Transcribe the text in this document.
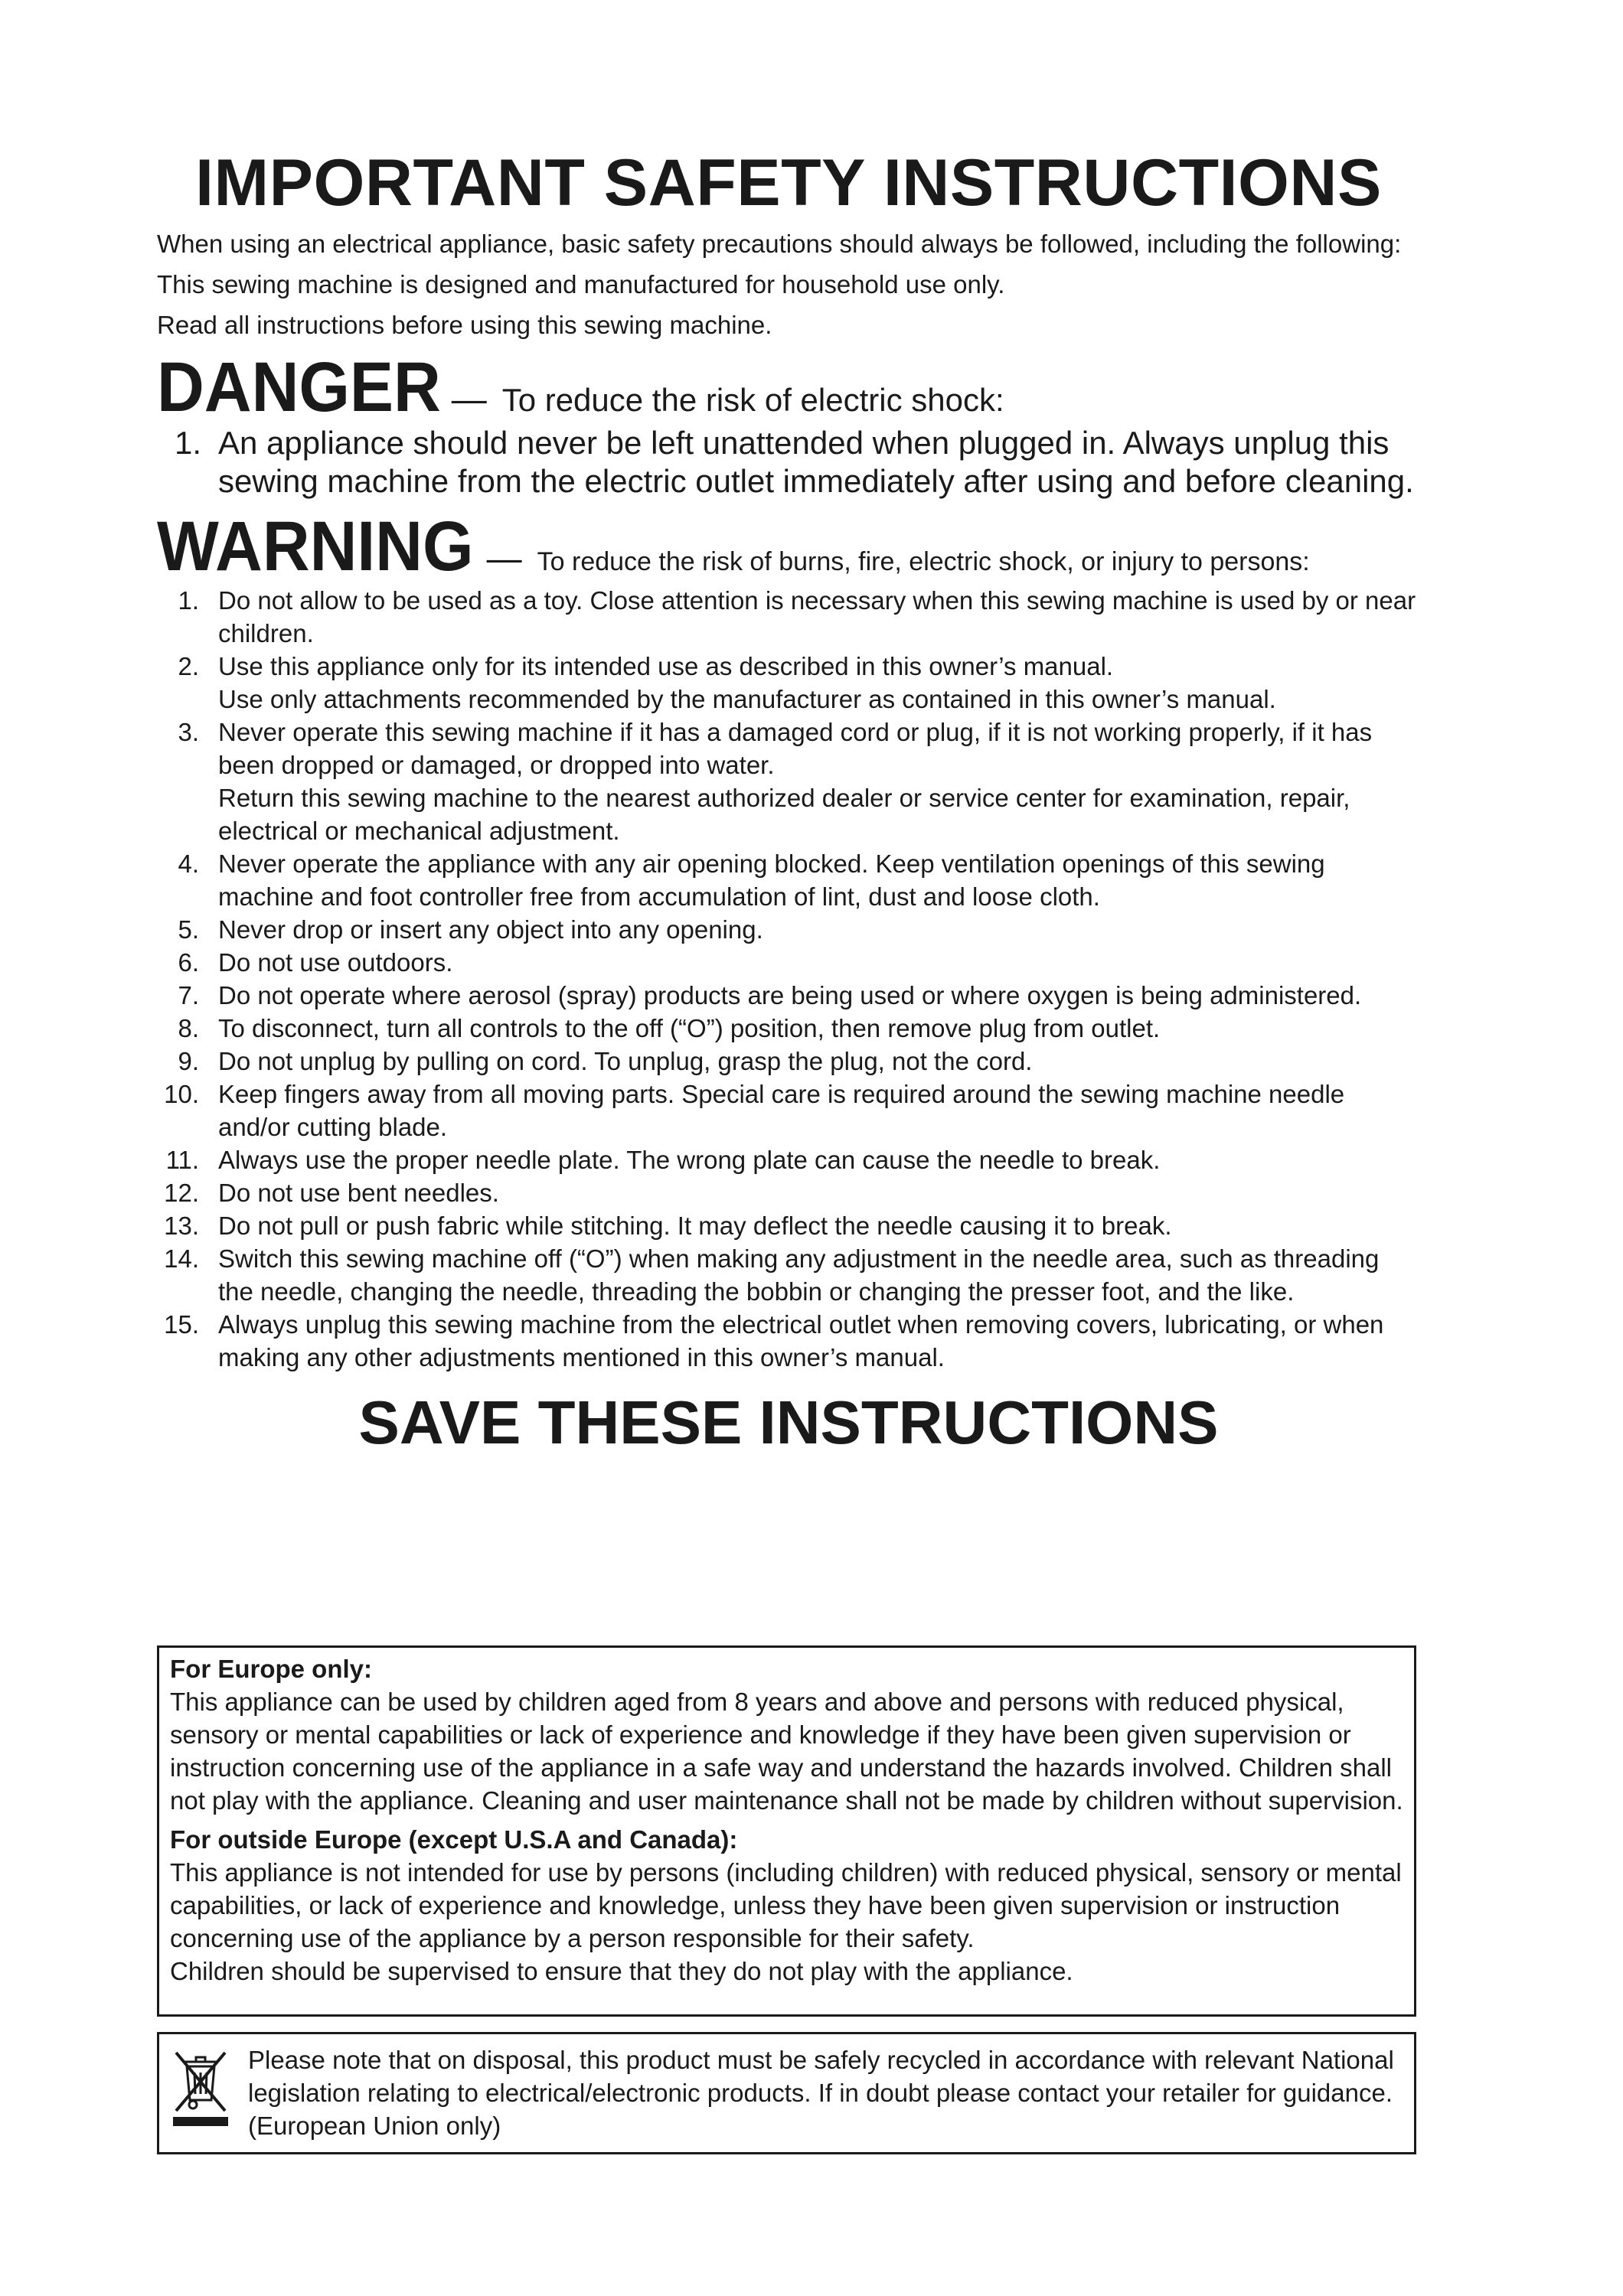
IMPORTANT SAFETY INSTRUCTIONS

When using an electrical appliance, basic safety precautions should always be followed, including the following:

This sewing machine is designed and manufactured for household use only.

Read all instructions before using this sewing machine.

DANGER — To reduce the risk of electric shock:
1. An appliance should never be left unattended when plugged in. Always unplug this sewing machine from the electric outlet immediately after using and before cleaning.
WARNING — To reduce the risk of burns, fire, electric shock, or injury to persons:
1. Do not allow to be used as a toy. Close attention is necessary when this sewing machine is used by or near children.
2. Use this appliance only for its intended use as described in this owner’s manual.
Use only attachments recommended by the manufacturer as contained in this owner’s manual.
3. Never operate this sewing machine if it has a damaged cord or plug, if it is not working properly, if it has been dropped or damaged, or dropped into water.
Return this sewing machine to the nearest authorized dealer or service center for examination, repair, electrical or mechanical adjustment.
4. Never operate the appliance with any air opening blocked. Keep ventilation openings of this sewing machine and foot controller free from accumulation of lint, dust and loose cloth.
5. Never drop or insert any object into any opening.
6. Do not use outdoors.
7. Do not operate where aerosol (spray) products are being used or where oxygen is being administered.
8. To disconnect, turn all controls to the off (“O”) position, then remove plug from outlet.
9. Do not unplug by pulling on cord. To unplug, grasp the plug, not the cord.
10. Keep fingers away from all moving parts. Special care is required around the sewing machine needle and/or cutting blade.
11. Always use the proper needle plate. The wrong plate can cause the needle to break.
12. Do not use bent needles.
13. Do not pull or push fabric while stitching. It may deflect the needle causing it to break.
14. Switch this sewing machine off (“O”) when making any adjustment in the needle area, such as threading the needle, changing the needle, threading the bobbin or changing the presser foot, and the like.
15. Always unplug this sewing machine from the electrical outlet when removing covers, lubricating, or when making any other adjustments mentioned in this owner’s manual.
SAVE THESE INSTRUCTIONS
For Europe only:

This appliance can be used by children aged from 8 years and above and persons with reduced physical, sensory or mental capabilities or lack of experience and knowledge if they have been given supervision or instruction concerning use of the appliance in a safe way and understand the hazards involved. Children shall not play with the appliance. Cleaning and user maintenance shall not be made by children without supervision.

For outside Europe (except U.S.A and Canada):

This appliance is not intended for use by persons (including children) with reduced physical, sensory or mental capabilities, or lack of experience and knowledge, unless they have been given supervision or instruction concerning use of the appliance by a person responsible for their safety.

Children should be supervised to ensure that they do not play with the appliance.

Please note that on disposal, this product must be safely recycled in accordance with relevant National legislation relating to electrical/electronic products. If in doubt please contact your retailer for guidance. (European Union only)
